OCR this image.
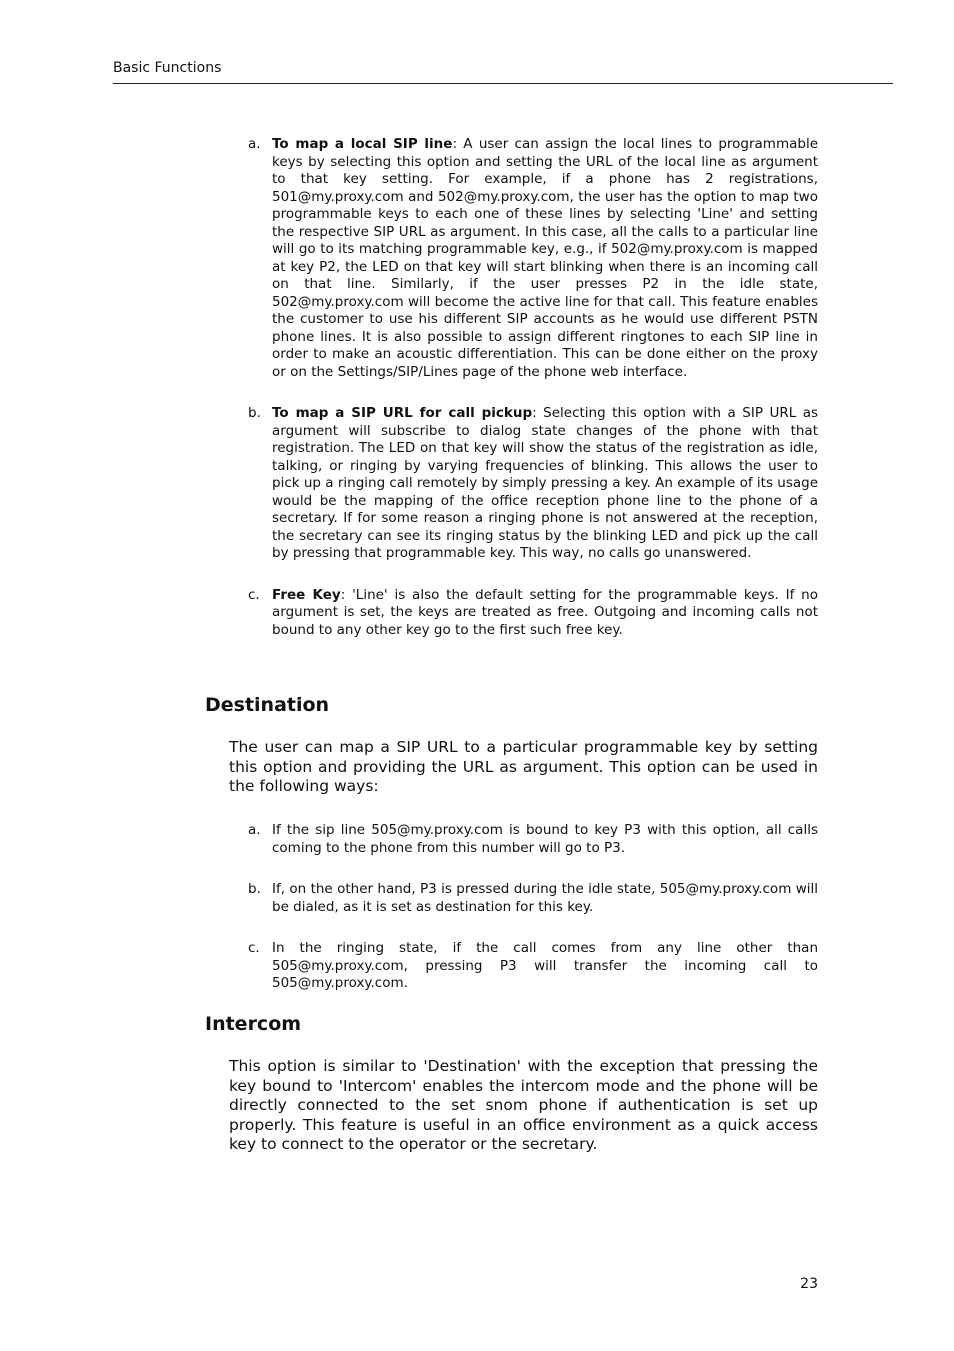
Basic Functions
a. To map a local SIP line: A user can assign the local lines to programmable keys by selecting this option and setting the URL of the local line as argument to that key setting. For example, if a phone has 2 registrations, 501@my.proxy.com and 502@my.proxy.com, the user has the option to map two programmable keys to each one of these lines by selecting 'Line' and setting the respective SIP URL as argument. In this case, all the calls to a particular line will go to its matching programmable key, e.g., if 502@my.proxy.com is mapped at key P2, the LED on that key will start blinking when there is an incoming call on that line. Similarly, if the user presses P2 in the idle state, 502@my.proxy.com will become the active line for that call. This feature enables the customer to use his different SIP accounts as he would use different PSTN phone lines. It is also possible to assign different ringtones to each SIP line in order to make an acoustic differentiation. This can be done either on the proxy or on the Settings/SIP/Lines page of the phone web interface.

b. To map a SIP URL for call pickup: Selecting this option with a SIP URL as argument will subscribe to dialog state changes of the phone with that registration. The LED on that key will show the status of the registration as idle, talking, or ringing by varying frequencies of blinking. This allows the user to pick up a ringing call remotely by simply pressing a key. An example of its usage would be the mapping of the office reception phone line to the phone of a secretary. If for some reason a ringing phone is not answered at the reception, the secretary can see its ringing status by the blinking LED and pick up the call by pressing that programmable key. This way, no calls go unanswered.

c. Free Key: 'Line' is also the default setting for the programmable keys. If no argument is set, the keys are treated as free. Outgoing and incoming calls not bound to any other key go to the first such free key.

Destination

The user can map a SIP URL to a particular programmable key by setting this option and providing the URL as argument. This option can be used in the following ways:

a. If the sip line 505@my.proxy.com is bound to key P3 with this option, all calls coming to the phone from this number will go to P3.

b. If, on the other hand, P3 is pressed during the idle state, 505@my.proxy.com will be dialed, as it is set as destination for this key.

c. In the ringing state, if the call comes from any line other than 505@my.proxy.com, pressing P3 will transfer the incoming call to 505@my.proxy.com.

Intercom

This option is similar to 'Destination' with the exception that pressing the key bound to 'Intercom' enables the intercom mode and the phone will be directly connected to the set snom phone if authentication is set up properly. This feature is useful in an office environment as a quick access key to connect to the operator or the secretary.

23
